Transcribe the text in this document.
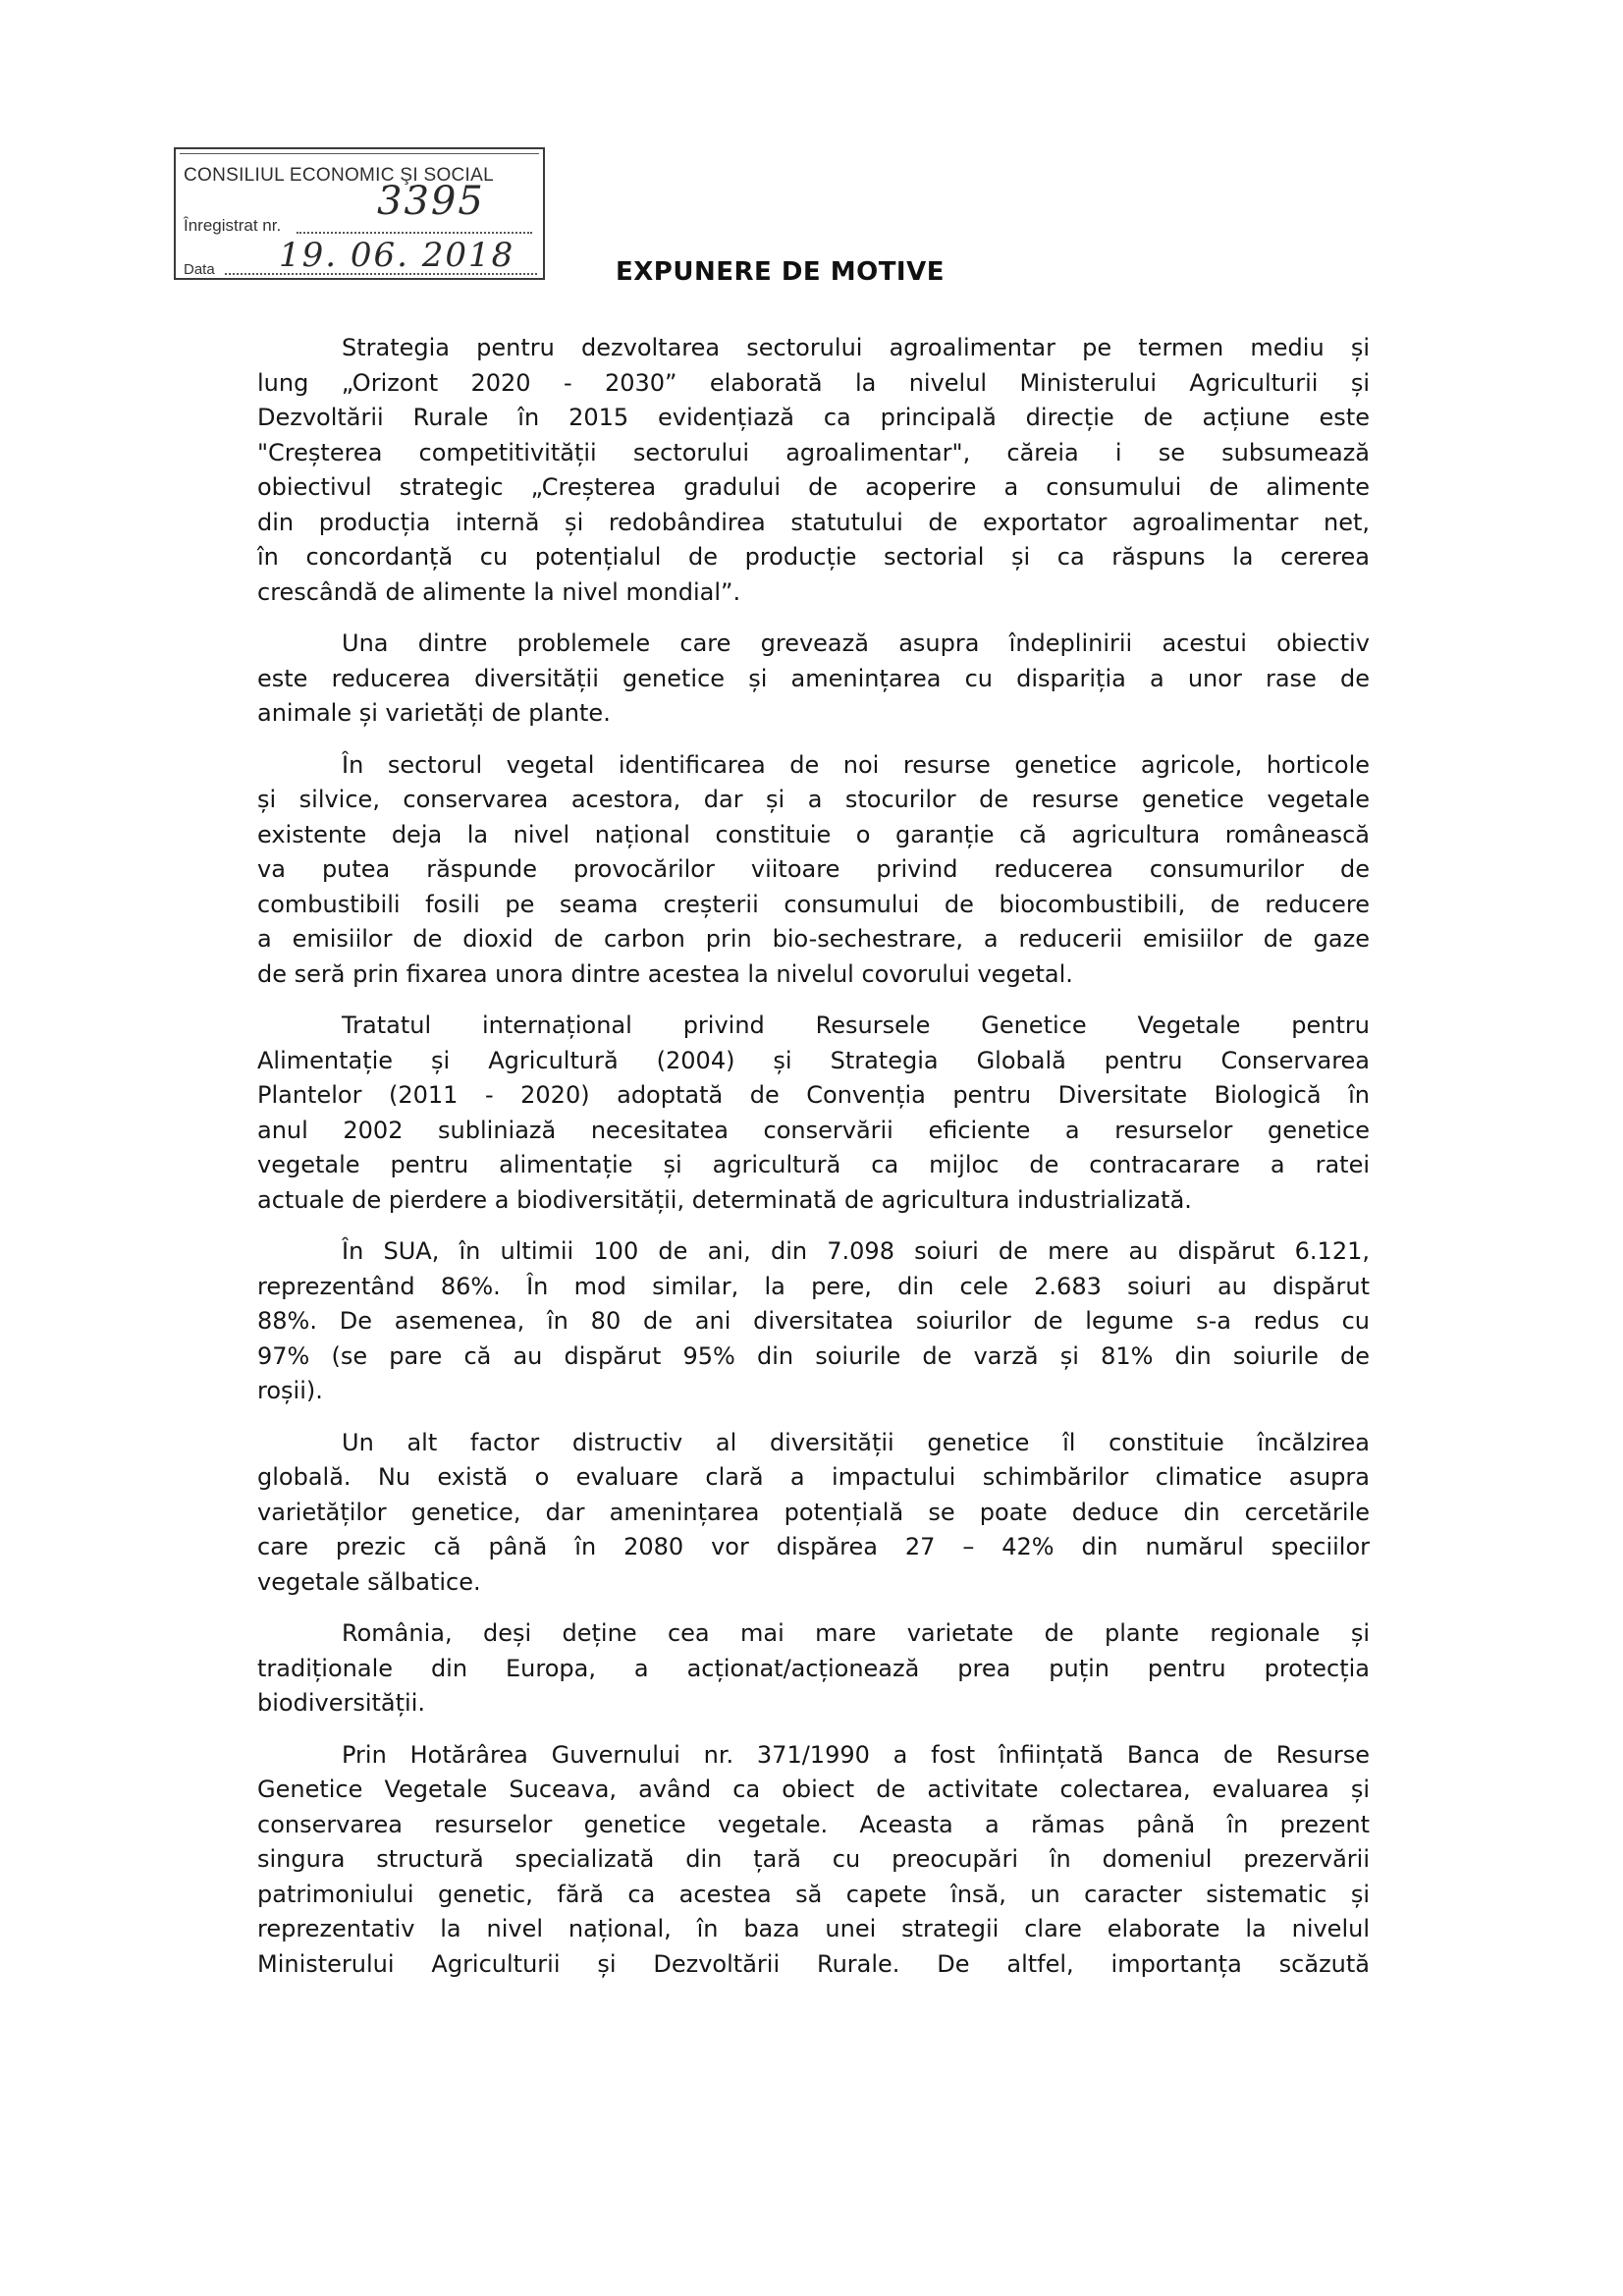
CONSILIUL ECONOMIC ŞI SOCIAL
3395
Înregistrat nr.
19. 06. 2018
Data	EXPUNERE DE MOTIVE
Strategia pentru dezvoltarea sectorului agroalimentar pe termen mediu și
lung „Orizont 2020 - 2030” elaborată la nivelul Ministerului Agriculturii și
Dezvoltării Rurale în 2015 evidențiază ca principală direcție de acțiune este
"Creșterea competitivității sectorului agroalimentar", căreia i se subsumează
obiectivul strategic „Creșterea gradului de acoperire a consumului de alimente
din producția internă și redobândirea statutului de exportator agroalimentar net,
în concordanță cu potențialul de producție sectorial și ca răspuns la cererea
crescândă de alimente la nivel mondial”.
Una dintre problemele care grevează asupra îndeplinirii acestui obiectiv
este reducerea diversității genetice și amenințarea cu dispariția a unor rase de
animale și varietăți de plante.
În sectorul vegetal identificarea de noi resurse genetice agricole, horticole
și silvice, conservarea acestora, dar și a stocurilor de resurse genetice vegetale
existente deja la nivel național constituie o garanție că agricultura românească
va putea răspunde provocărilor viitoare privind reducerea consumurilor de
combustibili fosili pe seama creșterii consumului de biocombustibili, de reducere
a emisiilor de dioxid de carbon prin bio-sechestrare, a reducerii emisiilor de gaze
de seră prin fixarea unora dintre acestea la nivelul covorului vegetal.
Tratatul internațional privind Resursele Genetice Vegetale pentru
Alimentație și Agricultură (2004) și Strategia Globală pentru Conservarea
Plantelor (2011 - 2020) adoptată de Convenția pentru Diversitate Biologică în
anul 2002 subliniază necesitatea conservării eficiente a resurselor genetice
vegetale pentru alimentație și agricultură ca mijloc de contracarare a ratei
actuale de pierdere a biodiversității, determinată de agricultura industrializată.
În SUA, în ultimii 100 de ani, din 7.098 soiuri de mere au dispărut 6.121,
reprezentând 86%. În mod similar, la pere, din cele 2.683 soiuri au dispărut
88%. De asemenea, în 80 de ani diversitatea soiurilor de legume s-a redus cu
97% (se pare că au dispărut 95% din soiurile de varză și 81% din soiurile de
roșii).
Un alt factor distructiv al diversității genetice îl constituie încălzirea
globală. Nu există o evaluare clară a impactului schimbărilor climatice asupra
varietăților genetice, dar amenințarea potențială se poate deduce din cercetările
care prezic că până în 2080 vor dispărea 27 – 42% din numărul speciilor
vegetale sălbatice.
România, deși deține cea mai mare varietate de plante regionale și
tradiționale din Europa, a acționat/acționează prea puțin pentru protecția
biodiversității.
Prin Hotărârea Guvernului nr. 371/1990 a fost înființată Banca de Resurse
Genetice Vegetale Suceava, având ca obiect de activitate colectarea, evaluarea și
conservarea resurselor genetice vegetale. Aceasta a rămas până în prezent
singura structură specializată din țară cu preocupări în domeniul prezervării
patrimoniului genetic, fără ca acestea să capete însă, un caracter sistematic și
reprezentativ la nivel național, în baza unei strategii clare elaborate la nivelul
Ministerului Agriculturii și Dezvoltării Rurale. De altfel, importanța scăzută
